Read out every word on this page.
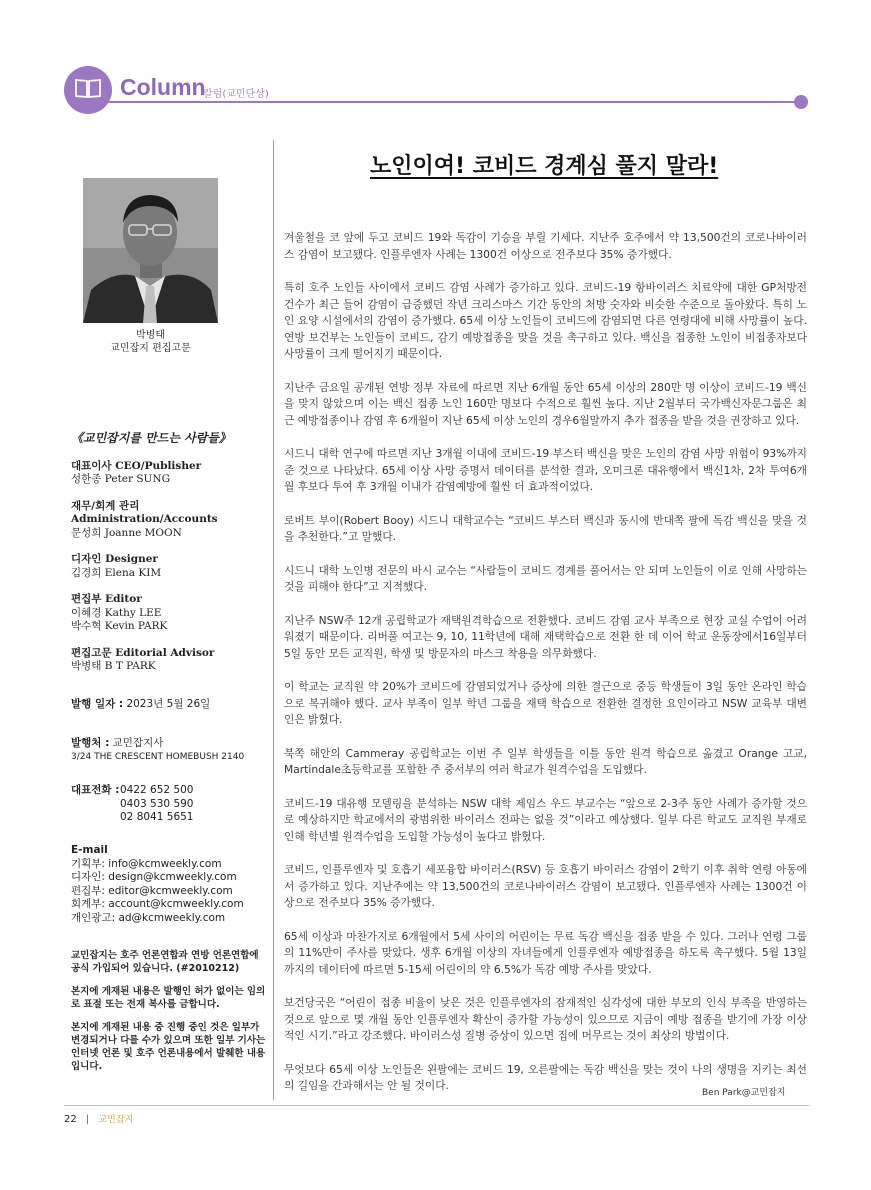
Column
칼럼(교민단상)
박병태
교민잡지 편집고문
《교민잡지를 만드는 사람들》
대표이사 CEO/Publisher
성한종 Peter SUNG
재무/회계 관리
Administration/Accounts
문성희 Joanne MOON
디자인 Designer
김경희 Elena KIM
편집부 Editor
이혜경 Kathy LEE
박수혁 Kevin PARK
편집고문 Editorial Advisor
박병태 B T PARK
발행 일자 : 2023년 5월 26일
발행처 : 교민잡지사
3/24 THE CRESCENT HOMEBUSH 2140
대표전화 : 0422 652 500
0403 530 590
02 8041 5651
E-mail
기획부: info@kcmweekly.com
디자인: design@kcmweekly.com
편집부: editor@kcmweekly.com
회계부: account@kcmweekly.com
개인광고: ad@kcmweekly.com
교민잡지는 호주 언론연합과 연방 언론연합에 공식 가입되어 있습니다. (#2010212)
본지에 게재된 내용은 발행인 허가 없이는 임의로 표절 또는 전재 복사를 금합니다.
본지에 게재된 내용 중 진행 중인 것은 일부가 변경되거나 다를 수가 있으며 또한 일부 기사는 인터넷 언론 및 호주 언론내용에서 발췌한 내용입니다.
노인이여! 코비드 경계심 풀지 말라!

겨울철을 코 앞에 두고 코비드 19와 독감이 기승을 부릴 기세다. 지난주 호주에서 약 13,500건의 코로나바이러스 감염이 보고됐다. 인플루엔자 사례는 1300건 이상으로 전주보다 35% 증가했다.

특히 호주 노인들 사이에서 코비드 감염 사례가 증가하고 있다. 코비드-19 항바이러스 치료약에 대한 GP처방전 건수가 최근 들어 감염이 급증했던 작년 크리스마스 기간 동안의 처방 숫자와 비슷한 수준으로 돌아왔다. 특히 노인 요양 시설에서의 감염이 증가했다. 65세 이상 노인들이 코비드에 감염되면 다른 연령대에 비해 사망률이 높다. 연방 보건부는 노인들이 코비드, 감기 예방접종을 맞을 것을 촉구하고 있다. 백신을 접종한 노인이 비접종자보다 사망률이 크게 떨어지기 때문이다.

지난주 금요일 공개된 연방 정부 자료에 따르면 지난 6개월 동안 65세 이상의 280만 명 이상이 코비드-19 백신을 맞지 않았으며 이는 백신 접종 노인 160만 명보다 수적으로 훨씬 높다. 지난 2월부터 국가백신자문그룹은 최근 예방접종이나 감염 후 6개월이 지난 65세 이상 노인의 경우6월말까지 추가 접종을 받을 것을 권장하고 있다.

시드니 대학 연구에 따르면 지난 3개월 이내에 코비드-19 부스터 백신을 맞은 노인의 감염 사망 위험이 93%까지 준 것으로 나타났다. 65세 이상 사망 증명서 데이터를 분석한 결과, 오미크론 대유행에서 백신1차, 2차 투여6개월 후보다 투여 후 3개월 이내가 감염예방에 훨씬 더 효과적이었다.

로버트 부이(Robert Booy) 시드니 대학교수는 “코비드 부스터 백신과 동시에 반대쪽 팔에 독감 백신을 맞을 것을 추천한다.”고 말했다.

시드니 대학 노인병 전문의 바시 교수는 “사람들이 코비드 경계를 풀어서는 안 되며 노인들이 이로 인해 사망하는 것을 피해야 한다”고 지적했다.

지난주 NSW주 12개 공립학교가 재택원격학습으로 전환했다. 코비드 감염 교사 부족으로 현장 교실 수업이 어려워졌기 때문이다. 리버풀 여고는 9, 10, 11학년에 대해 재택학습으로 전환 한 데 이어 학교 운동장에서16일부터 5일 동안 모든 교직원, 학생 및 방문자의 마스크 착용을 의무화했다.

이 학교는 교직원 약 20%가 코비드에 감염되었거나 증상에 의한 결근으로 중등 학생들이 3일 동안 온라인 학습으로 복귀해야 했다. 교사 부족이 일부 학년 그룹을 재택 학습으로 전환한 결정한 요인이라고 NSW 교육부 대변인은 밝혔다.

북쪽 해안의 Cammeray 공립학교는 이번 주 일부 학생들을 이틀 동안 원격 학습으로 옮겼고 Orange 고교, Martindale초등학교를 포함한 주 중서부의 여러 학교가 원격수업을 도입했다.

코비드-19 대유행 모델링을 분석하는 NSW 대학 제임스 우드 부교수는 “앞으로 2-3주 동안 사례가 증가할 것으로 예상하지만 학교에서의 광범위한 바이러스 전파는 없을 것”이라고 예상했다. 일부 다른 학교도 교직원 부재로 인해 학년별 원격수업을 도입할 가능성이 높다고 밝혔다.

코비드, 인플루엔자 및 호흡기 세포융합 바이러스(RSV) 등 호흡기 바이러스 감염이 2학기 이후 취학 연령 아동에서 증가하고 있다. 지난주에는 약 13,500건의 코로나바이러스 감염이 보고됐다. 인플루엔자 사례는 1300건 이상으로 전주보다 35% 증가했다.

65세 이상과 마찬가지로 6개월에서 5세 사이의 어린이는 무료 독감 백신을 접종 받을 수 있다. 그러나 연령 그룹의 11%만이 주사를 맞았다. 생후 6개월 이상의 자녀들에게 인플루엔자 예방접종을 하도록 촉구했다. 5월 13일까지의 데이터에 따르면 5-15세 어린이의 약 6.5%가 독감 예방 주사를 맞았다.

보건당국은 “어린이 접종 비율이 낮은 것은 인플루엔자의 잠재적인 심각성에 대한 부모의 인식 부족을 반영하는 것으로 앞으로 몇 개월 동안 인플루엔자 확산이 증가할 가능성이 있으므로 지금이 예방 접종을 받기에 가장 이상적인 시기.”라고 강조했다. 바이러스성 질병 증상이 있으면 집에 머무르는 것이 최상의 방법이다.

무엇보다 65세 이상 노인들은 왼팔에는 코비드 19, 오른팔에는 독감 백신을 맞는 것이 나의 생명을 지키는 최선의 길임을 간과해서는 안 될 것이다.

Ben Park@교민잡지
22 | 교민잡지
